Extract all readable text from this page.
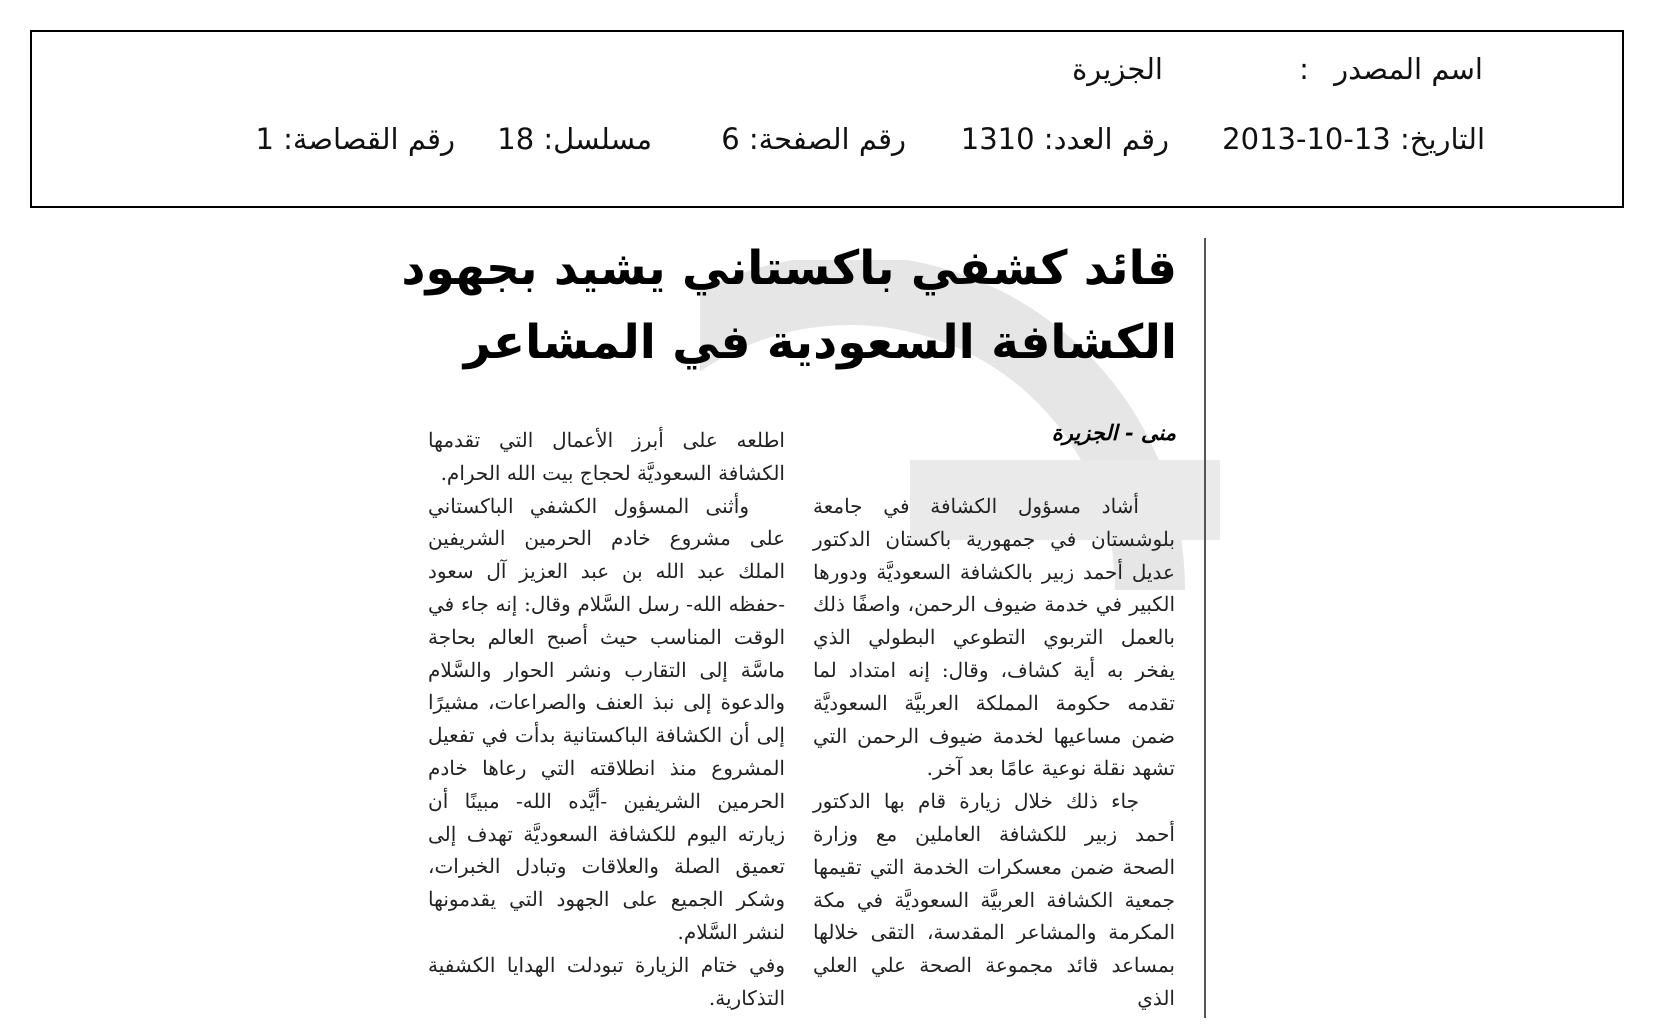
اسم المصدر :
الجزيرة
التاريخ: 13-10-2013
رقم العدد: 1310
رقم الصفحة: 6
مسلسل: 18
رقم القصاصة: 1
قائد كشفي باكستاني يشيد بجهود
الكشافة السعودية في المشاعر
منى - الجزيرة

أشاد مسؤول الكشافة في جامعة بلوشستان في جمهورية باكستان الدكتور عديل أحمد زبير بالكشافة السعوديَّة ودورها الكبير في خدمة ضيوف الرحمن، واصفًا ذلك بالعمل التربوي التطوعي البطولي الذي يفخر به أية كشاف، وقال: إنه امتداد لما تقدمه حكومة المملكة العربيَّة السعوديَّة ضمن مساعيها لخدمة ضيوف الرحمن التي تشهد نقلة نوعية عامًا بعد آخر.

جاء ذلك خلال زيارة قام بها الدكتور أحمد زبير للكشافة العاملين مع وزارة الصحة ضمن معسكرات الخدمة التي تقيمها جمعية الكشافة العربيَّة السعوديَّة في مكة المكرمة والمشاعر المقدسة، التقى خلالها بمساعد قائد مجموعة الصحة علي العلي الذي

اطلعه على أبرز الأعمال التي تقدمها الكشافة السعوديَّة لحجاج بيت الله الحرام.

وأثنى المسؤول الكشفي الباكستاني على مشروع خادم الحرمين الشريفين الملك عبد الله بن عبد العزيز آل سعود -حفظه الله- رسل السَّلام وقال: إنه جاء في الوقت المناسب حيث أصبح العالم بحاجة ماسَّة إلى التقارب ونشر الحوار والسَّلام والدعوة إلى نبذ العنف والصراعات، مشيرًا إلى أن الكشافة الباكستانية بدأت في تفعيل المشروع منذ انطلاقته التي رعاها خادم الحرمين الشريفين -أيَّده الله- مبينًا أن زيارته اليوم للكشافة السعوديَّة تهدف إلى تعميق الصلة والعلاقات وتبادل الخبرات، وشكر الجميع على الجهود التي يقدمونها لنشر السَّلام.

وفي ختام الزيارة تبودلت الهدايا الكشفية التذكارية.
